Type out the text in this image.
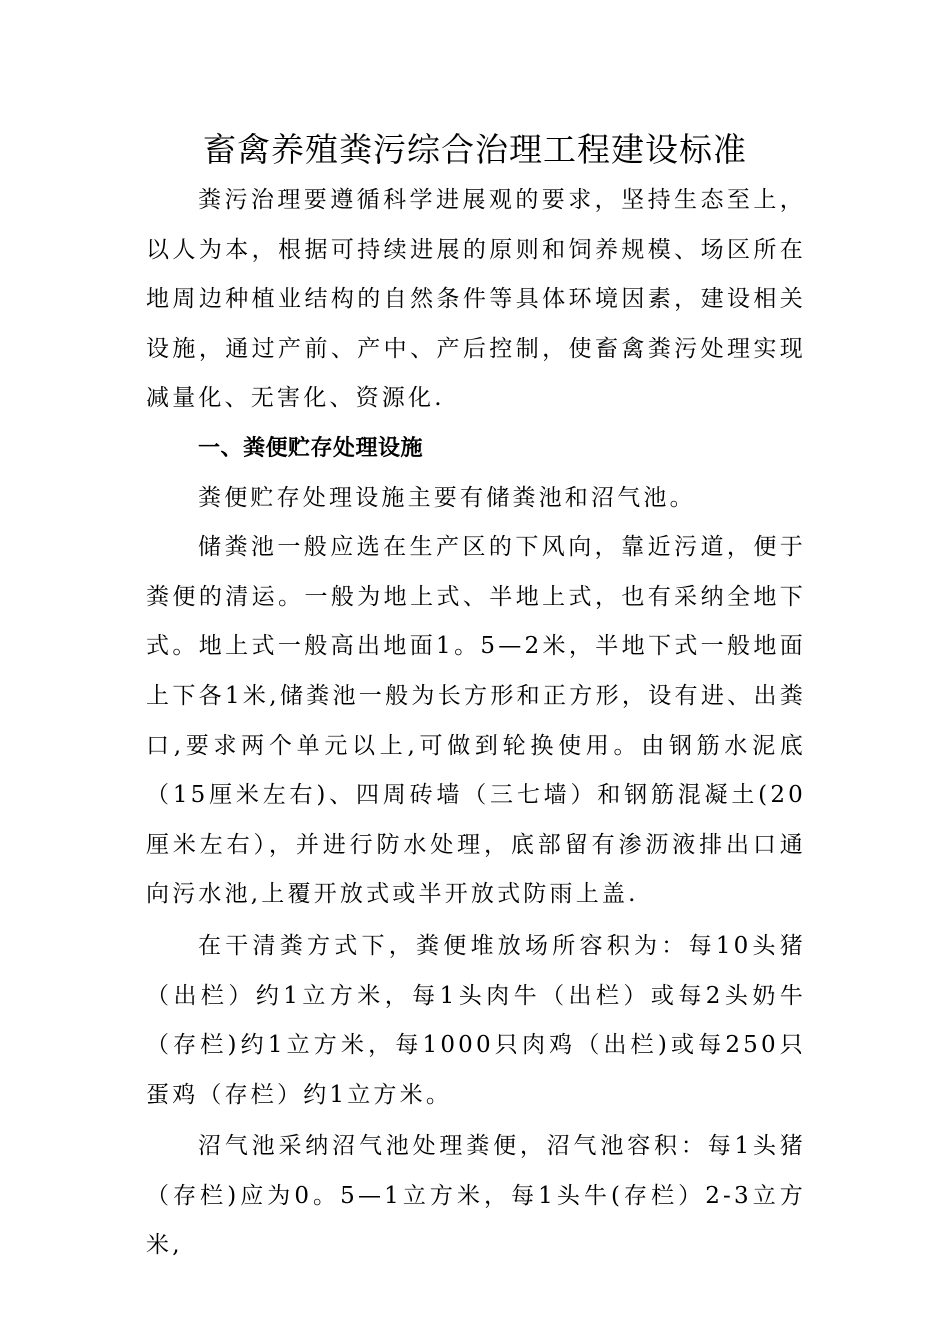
畜禽养殖粪污综合治理工程建设标准

粪污治理要遵循科学进展观的要求，坚持生态至上，以人为本，根据可持续进展的原则和饲养规模、场区所在地周边种植业结构的自然条件等具体环境因素，建设相关设施，通过产前、产中、产后控制，使畜禽粪污处理实现减量化、无害化、资源化.

一、粪便贮存处理设施

粪便贮存处理设施主要有储粪池和沼气池。

储粪池一般应选在生产区的下风向，靠近污道，便于粪便的清运。一般为地上式、半地上式，也有采纳全地下式。地上式一般高出地面1。5—2米，半地下式一般地面上下各1米,储粪池一般为长方形和正方形，设有进、出粪口,要求两个单元以上,可做到轮换使用。由钢筋水泥底（15厘米左右)、四周砖墙（三七墙）和钢筋混凝土(20厘米左右），并进行防水处理，底部留有渗沥液排出口通向污水池,上覆开放式或半开放式防雨上盖.

在干清粪方式下，粪便堆放场所容积为：每10头猪（出栏）约1立方米，每1头肉牛（出栏）或每2头奶牛（存栏)约1立方米，每1000只肉鸡（出栏)或每250只蛋鸡（存栏）约1立方米。

沼气池采纳沼气池处理粪便，沼气池容积：每1头猪（存栏)应为0。5—1立方米，每1头牛(存栏）2-3立方米,
